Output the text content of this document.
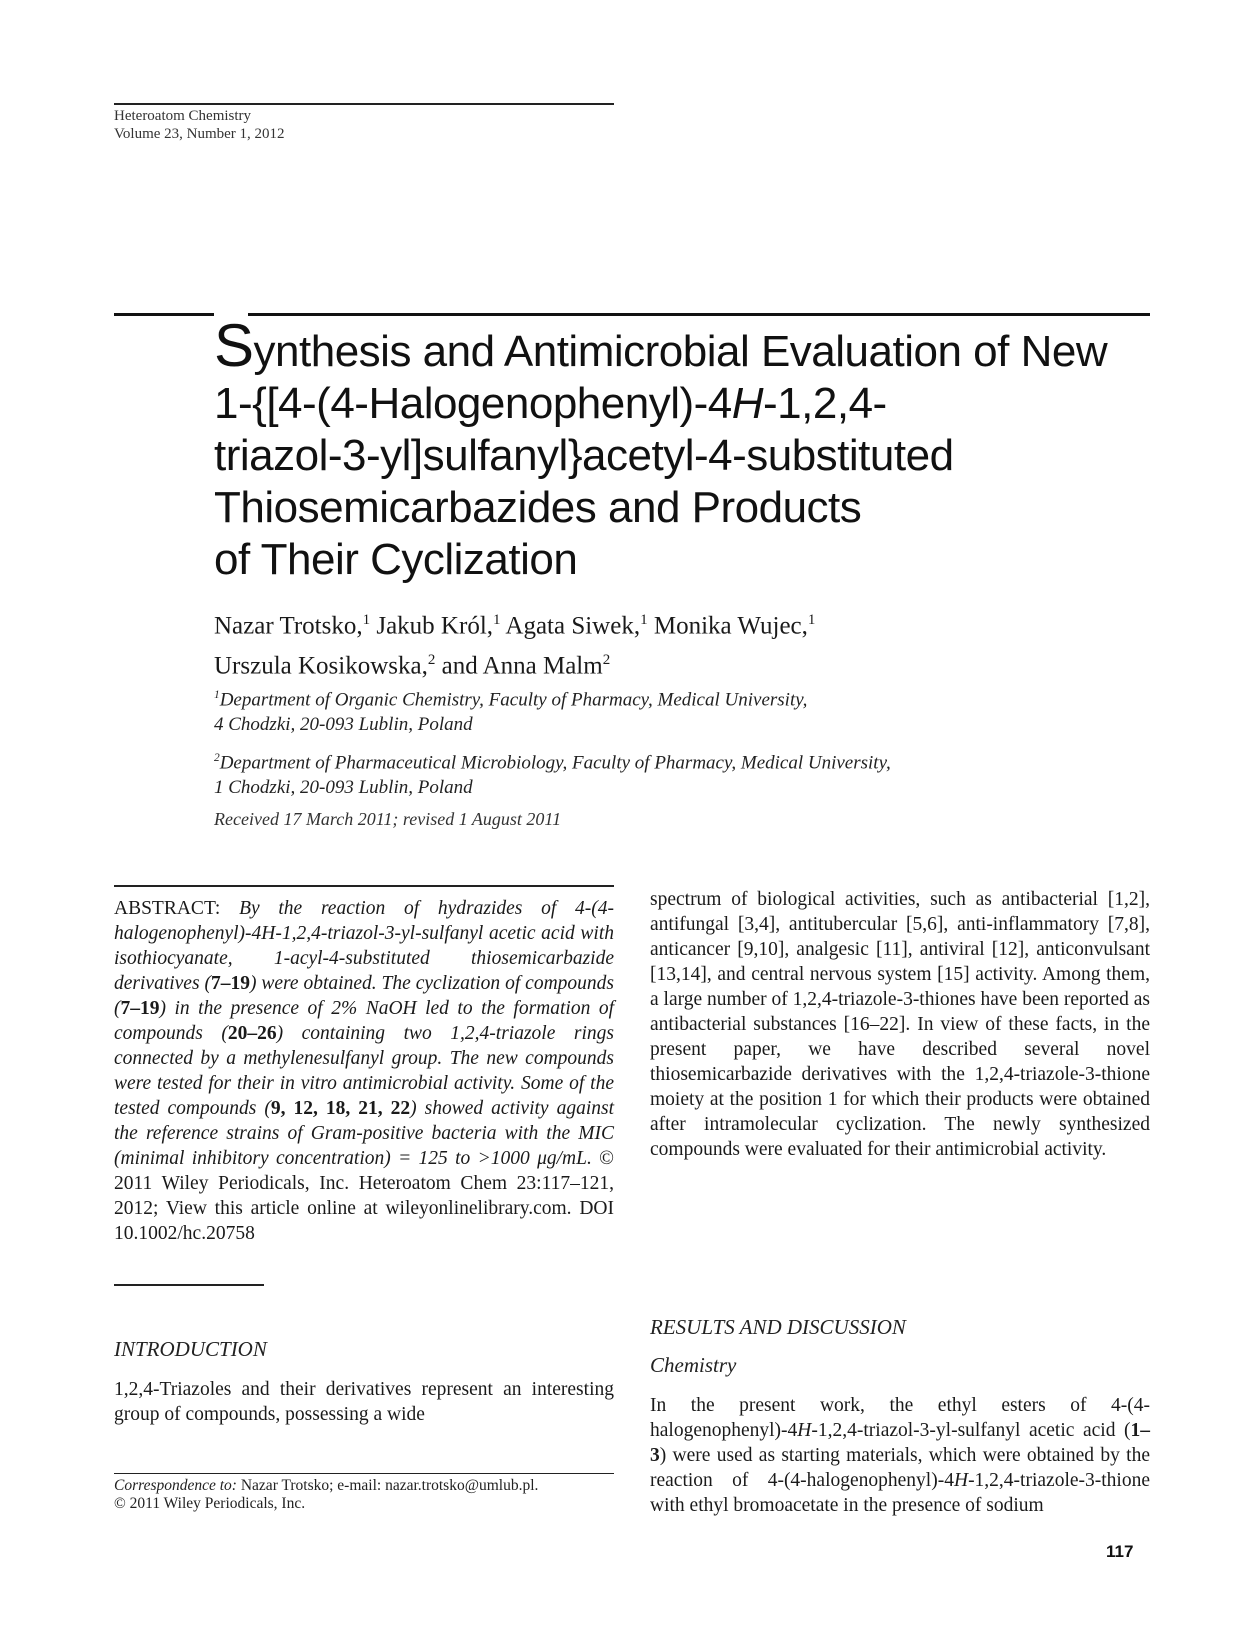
Heteroatom Chemistry
Volume 23, Number 1, 2012
Synthesis and Antimicrobial Evaluation of New
1-{[4-(4-Halogenophenyl)-4H-1,2,4-
triazol-3-yl]sulfanyl}acetyl-4-substituted
Thiosemicarbazides and Products
of Their Cyclization
Nazar Trotsko,$^1$ Jakub Król,$^1$ Agata Siwek,$^1$ Monika Wujec,$^1$
Urszula Kosikowska,$^2$ and Anna Malm$^2$
$^1$Department of Organic Chemistry, Faculty of Pharmacy, Medical University,
4 Chodzki, 20-093 Lublin, Poland
$^2$Department of Pharmaceutical Microbiology, Faculty of Pharmacy, Medical University,
1 Chodzki, 20-093 Lublin, Poland
Received 17 March 2011; revised 1 August 2011
ABSTRACT: By the reaction of hydrazides of 4-(4-halogenophenyl)-4H-1,2,4-triazol-3-yl-sulfanyl acetic acid with isothiocyanate, 1-acyl-4-substituted thiosemicarbazide derivatives (7–19) were obtained. The cyclization of compounds (7–19) in the presence of 2% NaOH led to the formation of compounds (20–26) containing two 1,2,4-triazole rings connected by a methylenesulfanyl group. The new compounds were tested for their in vitro antimicrobial activity. Some of the tested compounds (9, 12, 18, 21, 22) showed activity against the reference strains of Gram-positive bacteria with the MIC (minimal inhibitory concentration) = 125 to >1000 μg/mL. © 2011 Wiley Periodicals, Inc. Heteroatom Chem 23:117–121, 2012; View this article online at wileyonlinelibrary.com. DOI 10.1002/hc.20758
INTRODUCTION
1,2,4-Triazoles and their derivatives represent an interesting group of compounds, possessing a wide
Correspondence to: Nazar Trotsko; e-mail: nazar.trotsko@umlub.pl.
© 2011 Wiley Periodicals, Inc.
spectrum of biological activities, such as antibacterial [1,2], antifungal [3,4], antitubercular [5,6], anti-inflammatory [7,8], anticancer [9,10], analgesic [11], antiviral [12], anticonvulsant [13,14], and central nervous system [15] activity. Among them, a large number of 1,2,4-triazole-3-thiones have been reported as antibacterial substances [16–22]. In view of these facts, in the present paper, we have described several novel thiosemicarbazide derivatives with the 1,2,4-triazole-3-thione moiety at the position 1 for which their products were obtained after intramolecular cyclization. The newly synthesized compounds were evaluated for their antimicrobial activity.
RESULTS AND DISCUSSION
Chemistry
In the present work, the ethyl esters of 4-(4-halogenophenyl)-4H-1,2,4-triazol-3-yl-sulfanyl acetic acid (1–3) were used as starting materials, which were obtained by the reaction of 4-(4-halogenophenyl)-4H-1,2,4-triazole-3-thione with ethyl bromoacetate in the presence of sodium
117
